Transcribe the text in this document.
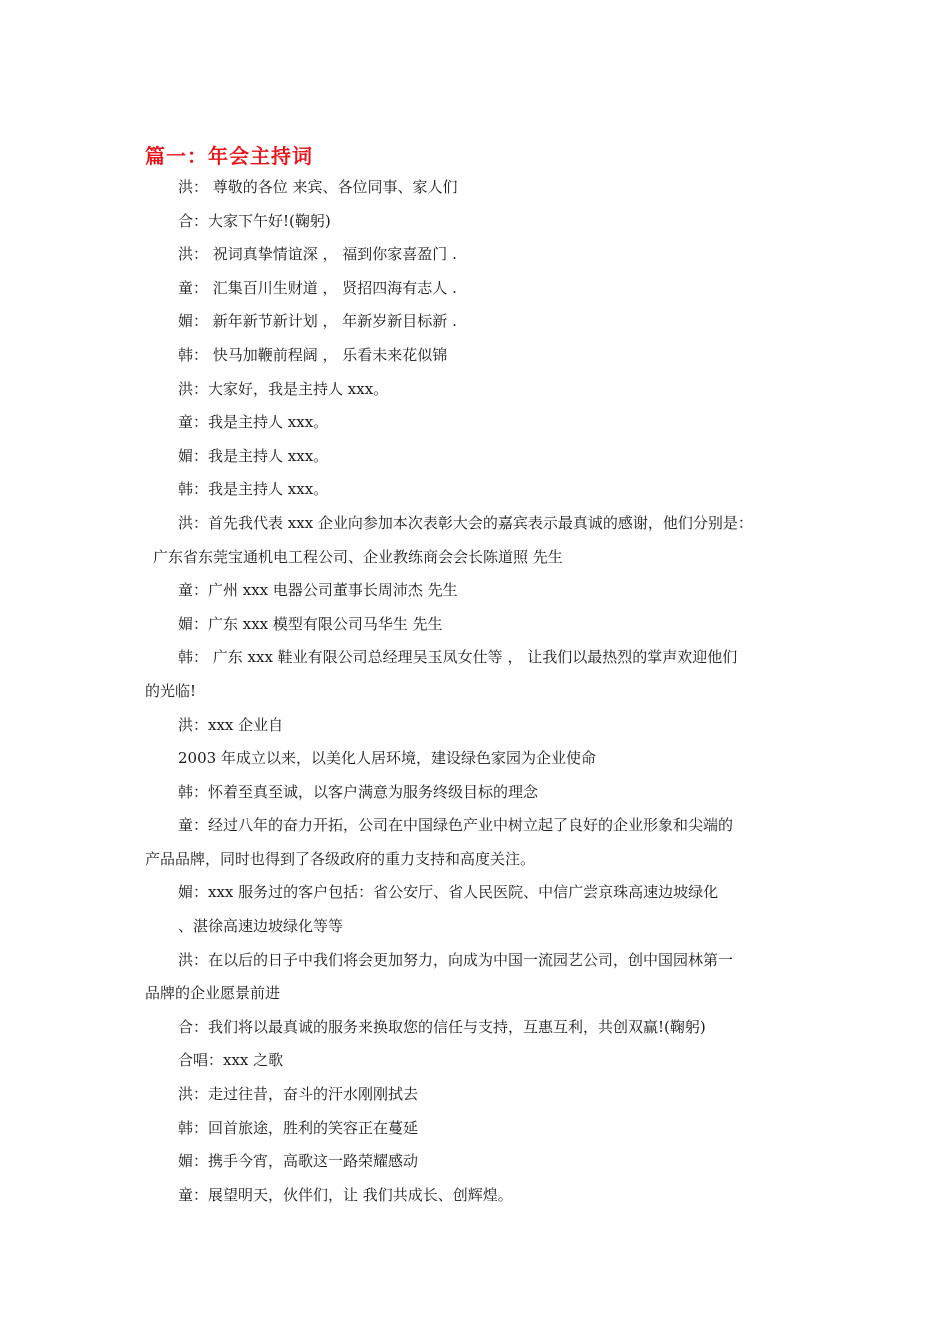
篇一：年会主持词
洪： 尊敬的各位 来宾、各位同事、家人们
合：大家下午好!(鞠躬)
洪： 祝词真挚情谊深 ， 福到你家喜盈门 .
童： 汇集百川生财道 ， 贤招四海有志人 .
媚： 新年新节新计划 ， 年新岁新目标新 .
韩： 快马加鞭前程阔 ， 乐看未来花似锦
洪：大家好，我是主持人 xxx。
童：我是主持人 xxx。
媚：我是主持人 xxx。
韩：我是主持人 xxx。
洪：首先我代表 xxx 企业向参加本次表彰大会的嘉宾表示最真诚的感谢，他们分别是：
广东省东莞宝通机电工程公司、企业教练商会会长陈道照 先生
童：广州 xxx 电器公司董事长周沛杰 先生
媚：广东 xxx 模型有限公司马华生 先生
韩： 广东 xxx 鞋业有限公司总经理吴玉凤女仕等 ， 让我们以最热烈的掌声欢迎他们
的光临!
洪：xxx 企业自
2003 年成立以来，以美化人居环境，建设绿色家园为企业使命
韩：怀着至真至诚，以客户满意为服务终级目标的理念
童：经过八年的奋力开拓，公司在中国绿色产业中树立起了良好的企业形象和尖端的
产品品牌，同时也得到了各级政府的重力支持和高度关注。
媚：xxx 服务过的客户包括：省公安厅、省人民医院、中信广尝京珠高速边坡绿化
、湛徐高速边坡绿化等等
洪：在以后的日子中我们将会更加努力，向成为中国一流园艺公司，创中国园林第一
品牌的企业愿景前进
合：我们将以最真诚的服务来换取您的信任与支持，互惠互利，共创双赢!(鞠躬)
合唱：xxx 之歌
洪：走过往昔，奋斗的汗水刚刚拭去
韩：回首旅途，胜利的笑容正在蔓延
媚：携手今宵，高歌这一路荣耀感动
童：展望明天，伙伴们，让 我们共成长、创辉煌。
